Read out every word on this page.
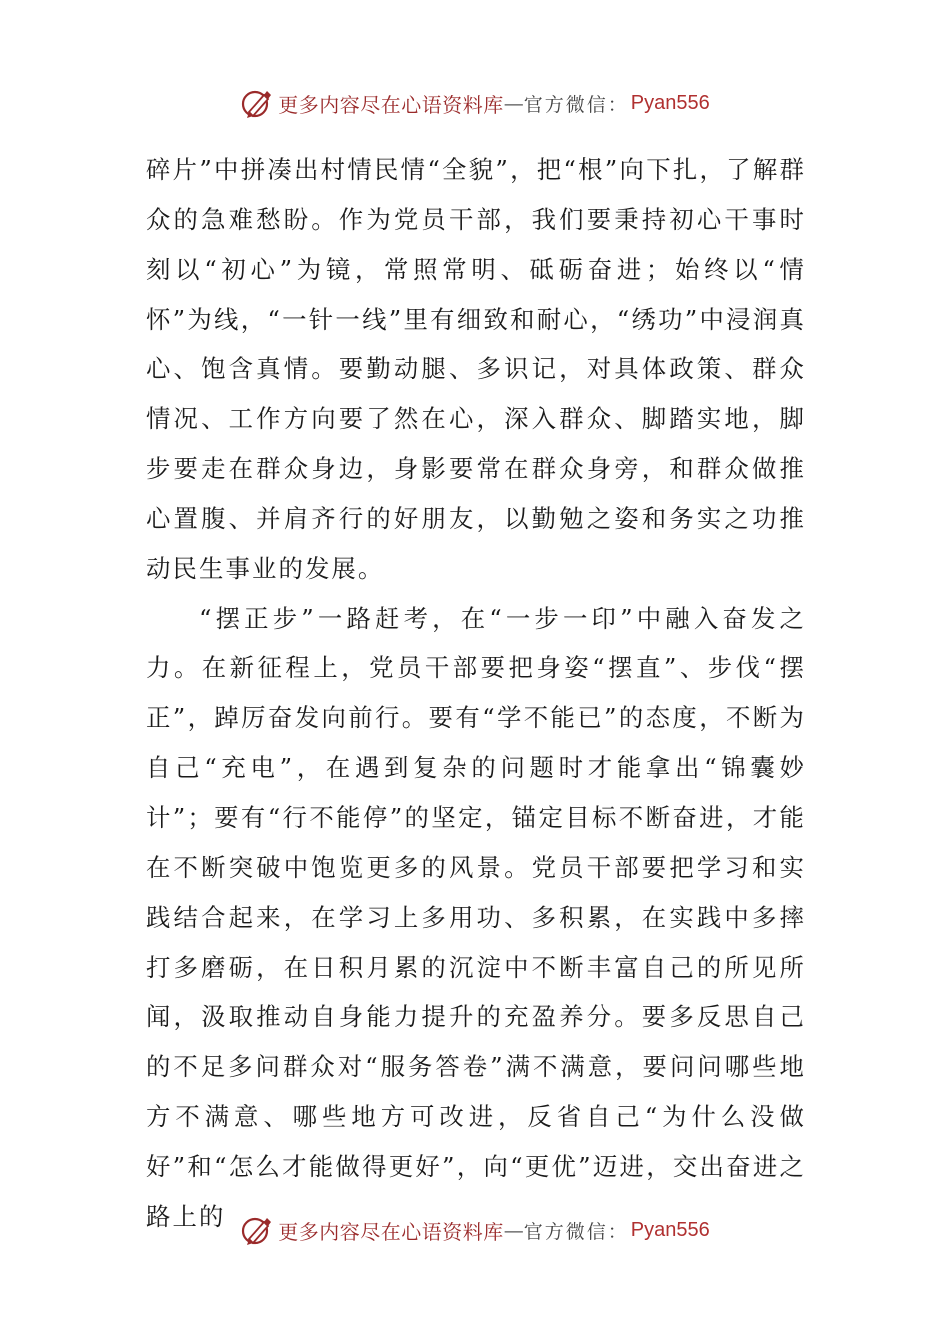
更多内容尽在心语资料库 — 官方微信： Pyan556

碎片”中拼凑出村情民情“全貌”，把“根”向下扎，了解群众的急难愁盼。作为党员干部，我们要秉持初心干事时刻以“初心”为镜，常照常明、砥砺奋进；始终以“情怀”为线，“一针一线”里有细致和耐心，“绣功”中浸润真心、饱含真情。要勤动腿、多识记，对具体政策、群众情况、工作方向要了然在心，深入群众、脚踏实地，脚步要走在群众身边，身影要常在群众身旁，和群众做推心置腹、并肩齐行的好朋友，以勤勉之姿和务实之功推动民生事业的发展。

“摆正步”一路赶考，在“一步一印”中融入奋发之力。在新征程上，党员干部要把身姿“摆直”、步伐“摆正”，踔厉奋发向前行。要有“学不能已”的态度，不断为自己“充电”，在遇到复杂的问题时才能拿出“锦囊妙计”；要有“行不能停”的坚定，锚定目标不断奋进，才能在不断突破中饱览更多的风景。党员干部要把学习和实践结合起来，在学习上多用功、多积累，在实践中多摔打多磨砺，在日积月累的沉淀中不断丰富自己的所见所闻，汲取推动自身能力提升的充盈养分。要多反思自己的不足多问群众对“服务答卷”满不满意，要问问哪些地方不满意、哪些地方可改进，反省自己“为什么没做好”和“怎么才能做得更好”，向“更优”迈进，交出奋进之路上的

更多内容尽在心语资料库 — 官方微信： Pyan556
